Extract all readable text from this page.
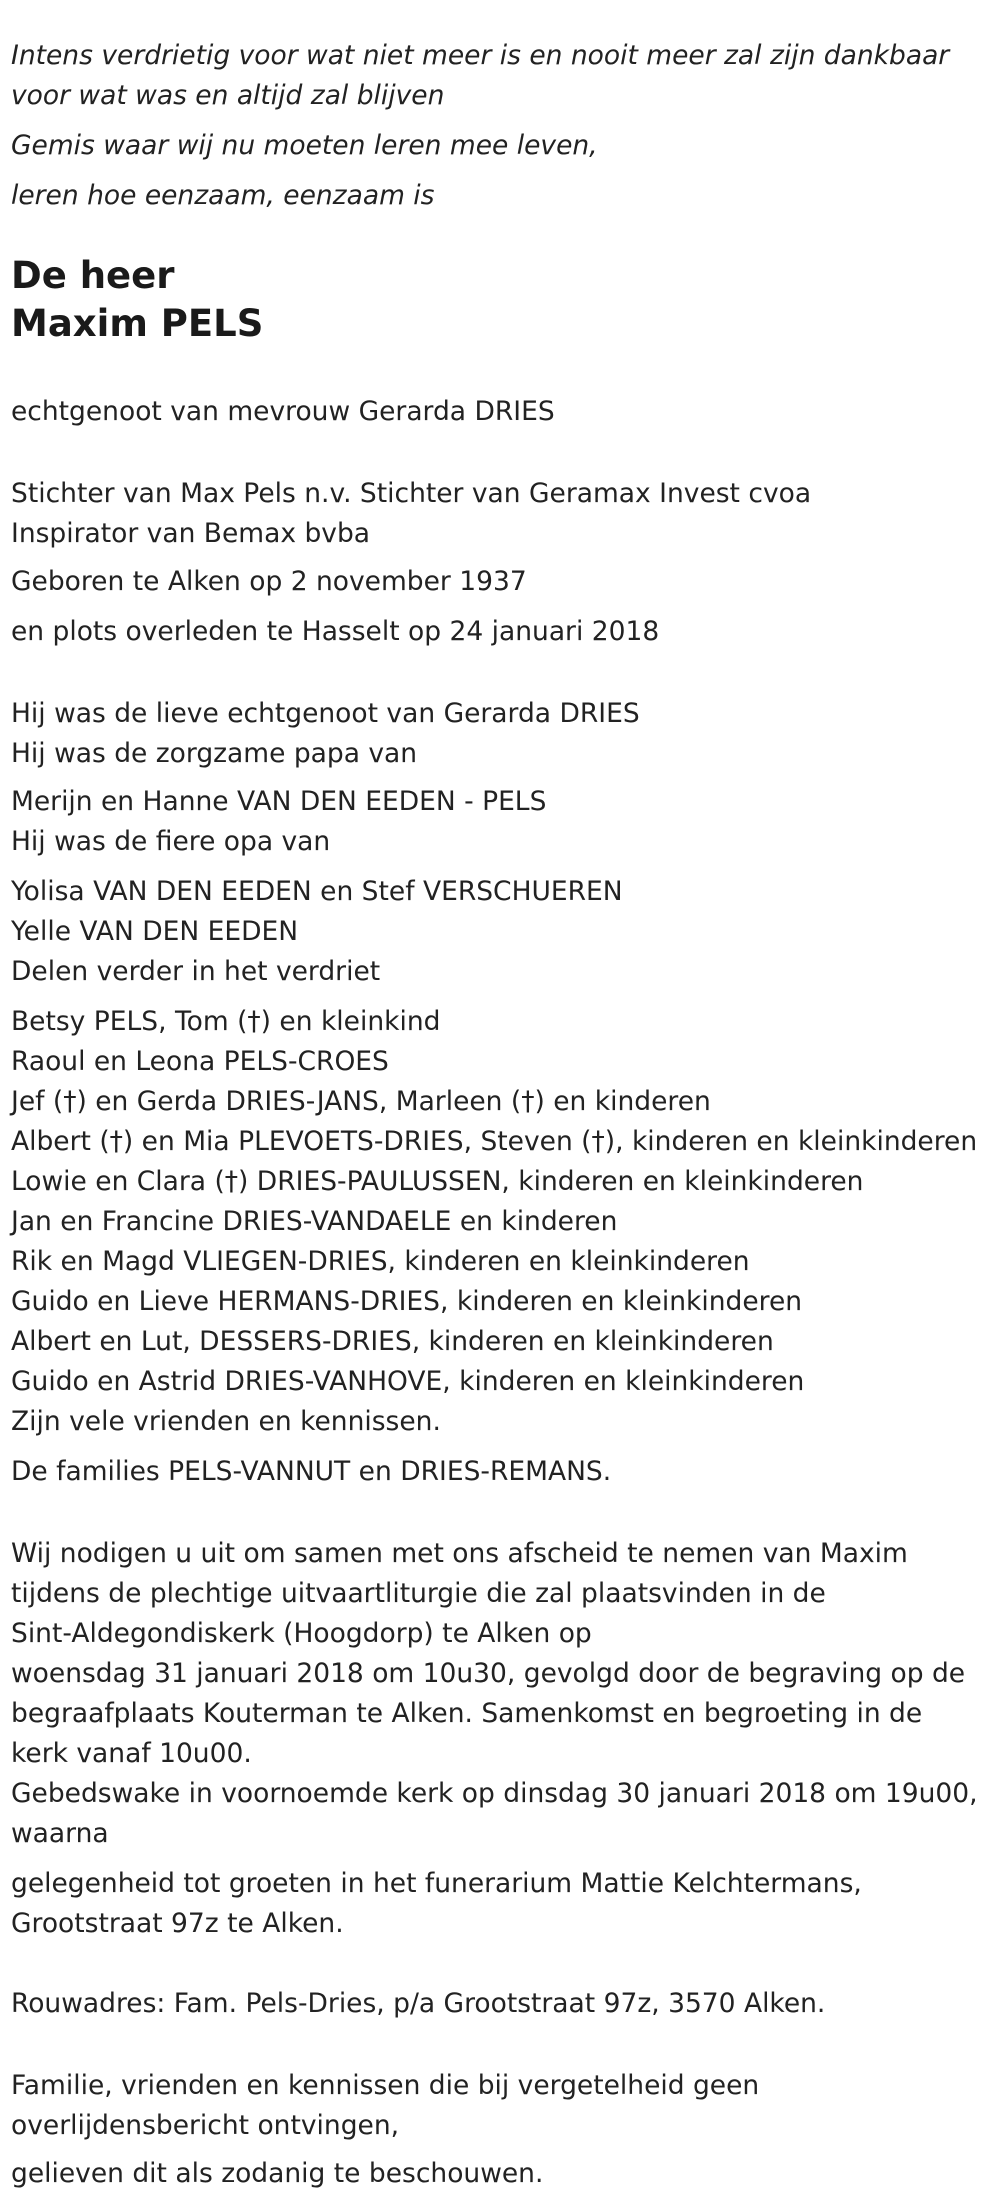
Intens verdrietig voor wat niet meer is en nooit meer zal zijn dankbaar
voor wat was en altijd zal blijven
Gemis waar wij nu moeten leren mee leven,
leren hoe eenzaam, eenzaam is
De heer
Maxim PELS
echtgenoot van mevrouw Gerarda DRIES
Stichter van Max Pels n.v. Stichter van Geramax Invest cvoa
Inspirator van Bemax bvba
Geboren te Alken op 2 november 1937
en plots overleden te Hasselt op 24 januari 2018
Hij was de lieve echtgenoot van Gerarda DRIES
Hij was de zorgzame papa van
Merijn en Hanne VAN DEN EEDEN - PELS
Hij was de fiere opa van
Yolisa VAN DEN EEDEN en Stef VERSCHUEREN
Yelle VAN DEN EEDEN
Delen verder in het verdriet
Betsy PELS, Tom (†) en kleinkind
Raoul en Leona PELS-CROES
Jef (†) en Gerda DRIES-JANS, Marleen (†) en kinderen
Albert (†) en Mia PLEVOETS-DRIES, Steven (†), kinderen en kleinkinderen
Lowie en Clara (†) DRIES-PAULUSSEN, kinderen en kleinkinderen
Jan en Francine DRIES-VANDAELE en kinderen
Rik en Magd VLIEGEN-DRIES, kinderen en kleinkinderen
Guido en Lieve HERMANS-DRIES, kinderen en kleinkinderen
Albert en Lut, DESSERS-DRIES, kinderen en kleinkinderen
Guido en Astrid DRIES-VANHOVE, kinderen en kleinkinderen
Zijn vele vrienden en kennissen.
De families PELS-VANNUT en DRIES-REMANS.
Wij nodigen u uit om samen met ons afscheid te nemen van Maxim
tijdens de plechtige uitvaartliturgie die zal plaatsvinden in de
Sint-Aldegondiskerk (Hoogdorp) te Alken op
woensdag 31 januari 2018 om 10u30, gevolgd door de begraving op de
begraafplaats Kouterman te Alken. Samenkomst en begroeting in de
kerk vanaf 10u00.
Gebedswake in voornoemde kerk op dinsdag 30 januari 2018 om 19u00,
waarna
gelegenheid tot groeten in het funerarium Mattie Kelchtermans,
Grootstraat 97z te Alken.
Rouwadres: Fam. Pels-Dries, p/a Grootstraat 97z, 3570 Alken.
Familie, vrienden en kennissen die bij vergetelheid geen
overlijdensbericht ontvingen,
gelieven dit als zodanig te beschouwen.
